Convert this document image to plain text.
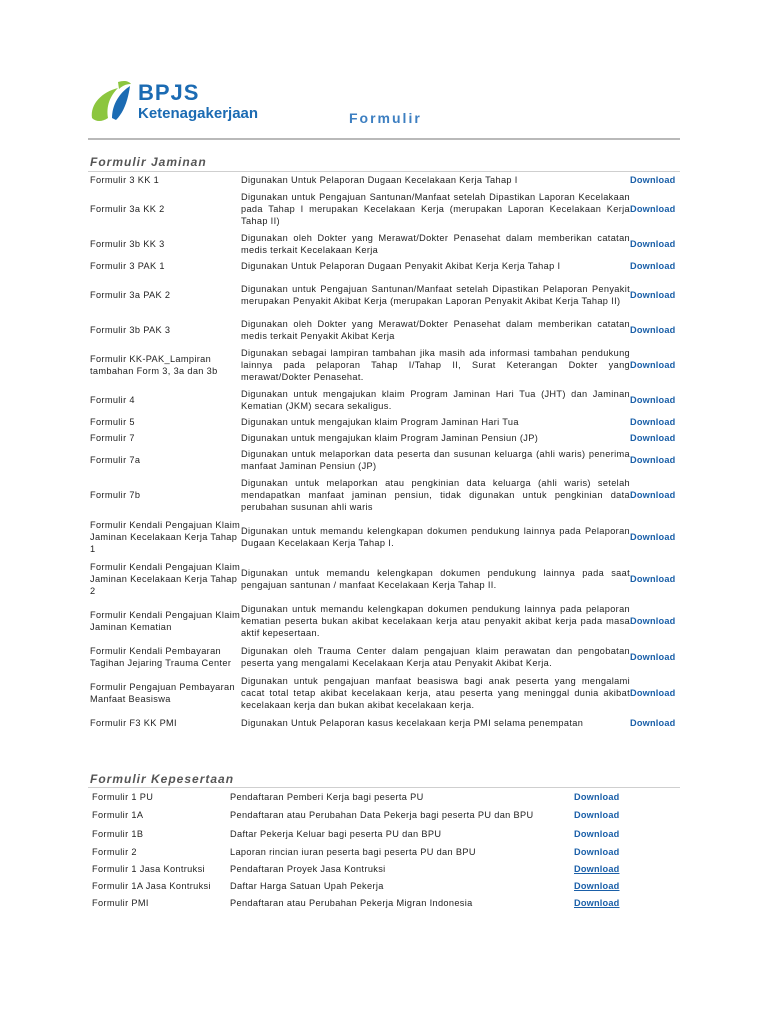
BPJS
Ketenagakerjaan	Formulir
Formulir Jaminan
Formulir 3 KK 1	Digunakan Untuk Pelaporan Dugaan Kecelakaan Kerja Tahap I	Download
Formulir 3a KK 2	Digunakan untuk Pengajuan Santunan/Manfaat setelah Dipastikan Laporan Kecelakaan pada Tahap I merupakan Kecelakaan Kerja (merupakan Laporan Kecelakaan Kerja Tahap II)	Download
Formulir 3b KK 3	Digunakan oleh Dokter yang Merawat/Dokter Penasehat dalam memberikan catatan medis terkait Kecelakaan Kerja	Download
Formulir 3 PAK 1	Digunakan Untuk Pelaporan Dugaan Penyakit Akibat Kerja Kerja Tahap I	Download
Formulir 3a PAK 2	Digunakan untuk Pengajuan Santunan/Manfaat setelah Dipastikan Pelaporan Penyakit merupakan Penyakit Akibat Kerja (merupakan Laporan Penyakit Akibat Kerja Tahap II)	Download
Formulir 3b PAK 3	Digunakan oleh Dokter yang Merawat/Dokter Penasehat dalam memberikan catatan medis terkait Penyakit Akibat Kerja	Download
Formulir KK-PAK_Lampiran tambahan Form 3, 3a dan 3b	Digunakan sebagai lampiran tambahan jika masih ada informasi tambahan pendukung lainnya pada pelaporan Tahap I/Tahap II, Surat Keterangan Dokter yang merawat/Dokter Penasehat.	Download
Formulir 4	Digunakan untuk mengajukan klaim Program Jaminan Hari Tua (JHT) dan Jaminan Kematian (JKM) secara sekaligus.	Download
Formulir 5	Digunakan untuk mengajukan klaim Program Jaminan Hari Tua	Download
Formulir 7	Digunakan untuk mengajukan klaim Program Jaminan Pensiun (JP)	Download
Formulir 7a	Digunakan untuk melaporkan data peserta dan susunan keluarga (ahli waris) penerima manfaat Jaminan Pensiun (JP)	Download
Formulir 7b	Digunakan untuk melaporkan atau pengkinian data keluarga (ahli waris) setelah mendapatkan manfaat jaminan pensiun, tidak digunakan untuk pengkinian data perubahan susunan ahli waris	Download
Formulir Kendali Pengajuan Klaim Jaminan Kecelakaan Kerja Tahap 1	Digunakan untuk memandu kelengkapan dokumen pendukung lainnya pada Pelaporan Dugaan Kecelakaan Kerja Tahap I.	Download
Formulir Kendali Pengajuan Klaim Jaminan Kecelakaan Kerja Tahap 2	Digunakan untuk memandu kelengkapan dokumen pendukung lainnya pada saat pengajuan santunan / manfaat Kecelakaan Kerja Tahap II.	Download
Formulir Kendali Pengajuan Klaim Jaminan Kematian	Digunakan untuk memandu kelengkapan dokumen pendukung lainnya pada pelaporan kematian peserta bukan akibat kecelakaan kerja atau penyakit akibat kerja pada masa aktif kepesertaan.	Download
Formulir Kendali Pembayaran Tagihan Jejaring Trauma Center	Digunakan oleh Trauma Center dalam pengajuan klaim perawatan dan pengobatan peserta yang mengalami Kecelakaan Kerja atau Penyakit Akibat Kerja.	Download
Formulir Pengajuan Pembayaran Manfaat Beasiswa	Digunakan untuk pengajuan manfaat beasiswa bagi anak peserta yang mengalami cacat total tetap akibat kecelakaan kerja, atau peserta yang meninggal dunia akibat kecelakaan kerja dan bukan akibat kecelakaan kerja.	Download
Formulir F3 KK PMI	Digunakan Untuk Pelaporan kasus kecelakaan kerja PMI selama penempatan	Download
Formulir Kepesertaan
Formulir 1 PU	Pendaftaran Pemberi Kerja bagi peserta PU	Download
Formulir 1A	Pendaftaran atau Perubahan Data Pekerja bagi peserta PU dan BPU	Download
Formulir 1B	Daftar Pekerja Keluar bagi peserta PU dan BPU	Download
Formulir 2	Laporan rincian iuran peserta bagi peserta PU dan BPU	Download
Formulir 1 Jasa Kontruksi	Pendaftaran Proyek Jasa Kontruksi	Download
Formulir 1A Jasa Kontruksi	Daftar Harga Satuan Upah Pekerja	Download
Formulir PMI	Pendaftaran atau Perubahan Pekerja Migran Indonesia	Download
